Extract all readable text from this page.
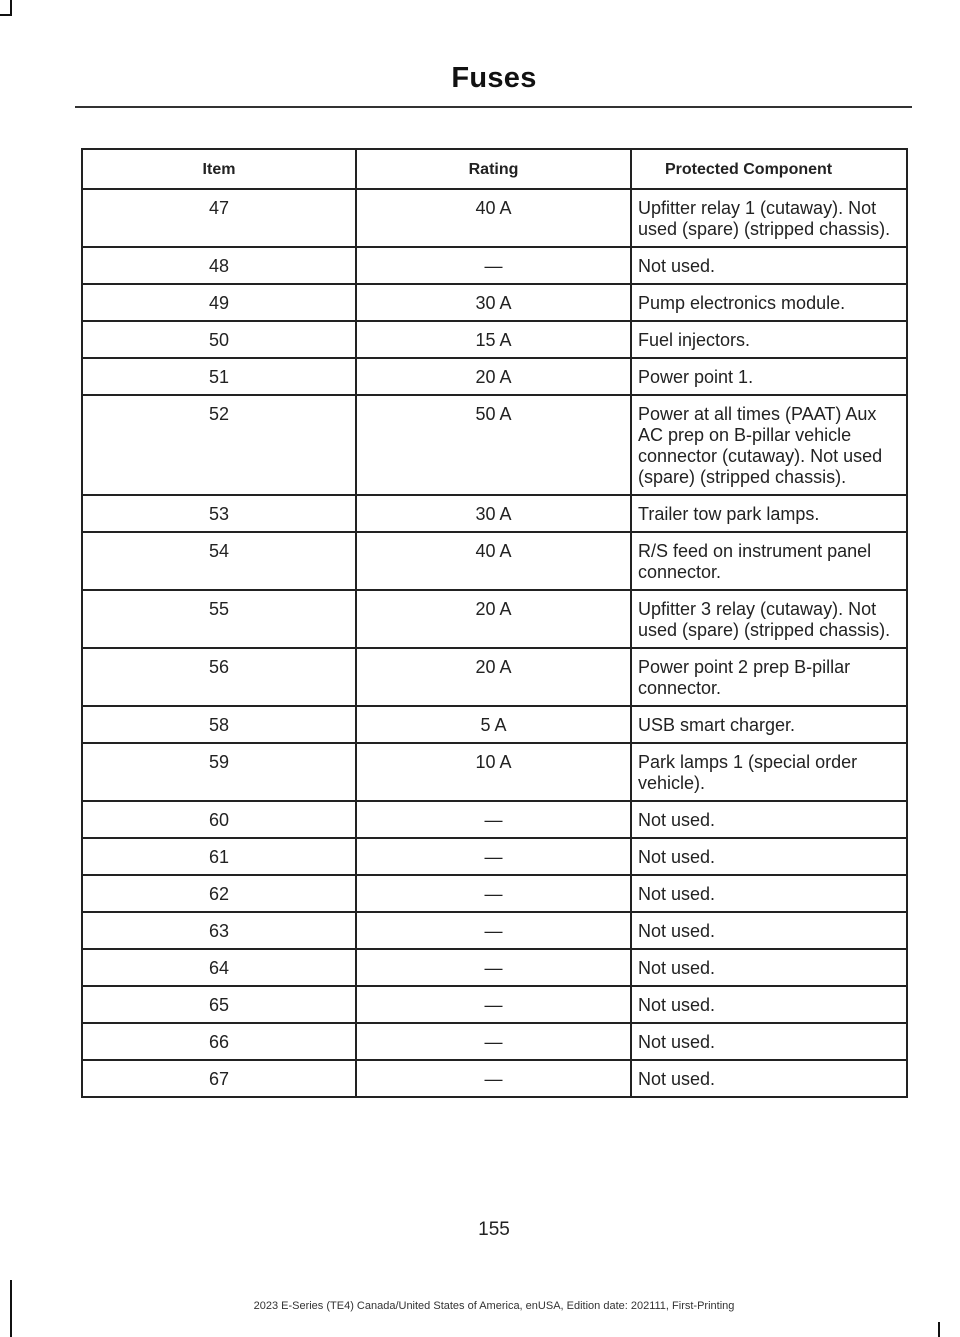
Fuses
Item	Rating	Protected Component
47	40 A	Upfitter relay 1 (cutaway). Not used (spare) (stripped chassis).
48	—	Not used.
49	30 A	Pump electronics module.
50	15 A	Fuel injectors.
51	20 A	Power point 1.
52	50 A	Power at all times (PAAT) Aux AC prep on B-pillar vehicle connector (cutaway). Not used (spare) (stripped chassis).
53	30 A	Trailer tow park lamps.
54	40 A	R/S feed on instrument panel connector.
55	20 A	Upfitter 3 relay (cutaway). Not used (spare) (stripped chassis).
56	20 A	Power point 2 prep B-pillar connector.
58	5 A	USB smart charger.
59	10 A	Park lamps 1 (special order vehicle).
60	—	Not used.
61	—	Not used.
62	—	Not used.
63	—	Not used.
64	—	Not used.
65	—	Not used.
66	—	Not used.
67	—	Not used.
155
2023 E-Series (TE4) Canada/United States of America, enUSA, Edition date: 202111, First-Printing
